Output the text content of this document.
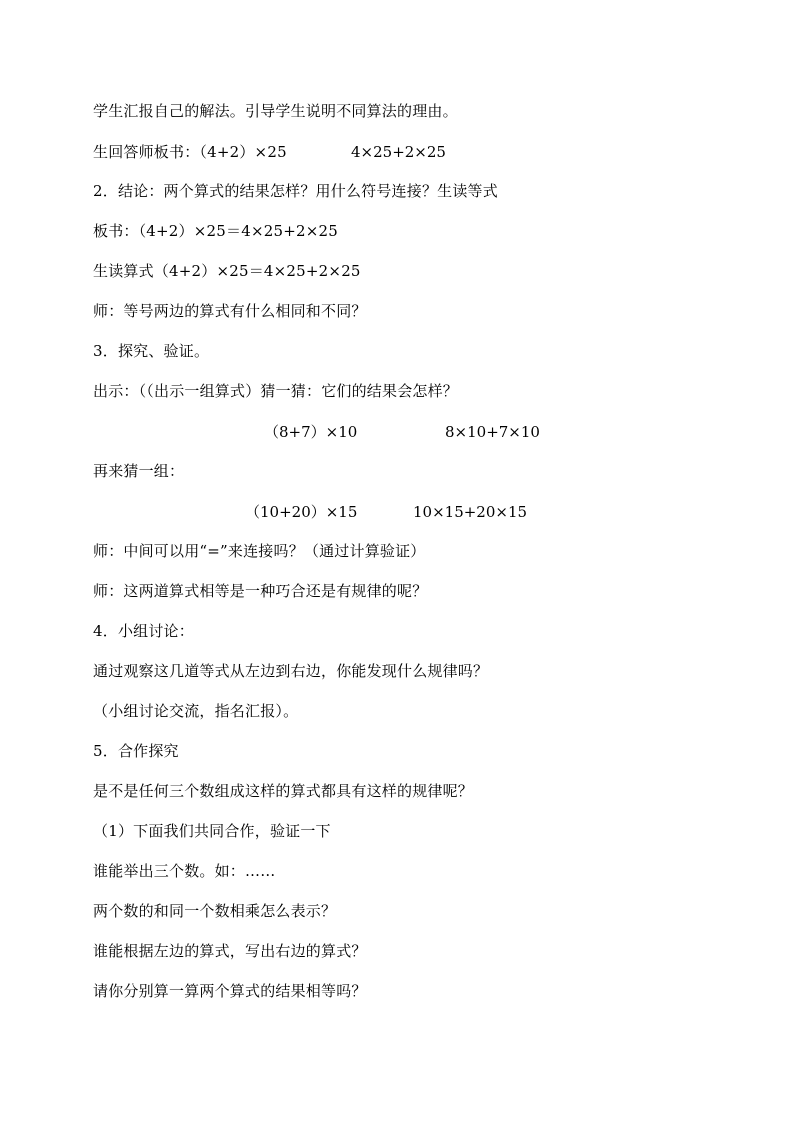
学生汇报自己的解法。引导学生说明不同算法的理由。
生回答师板书：（4+2）×25	4×25+2×25
2．结论：两个算式的结果怎样？用什么符号连接？生读等式
板书：（4+2）×25＝4×25+2×25
生读算式（4+2）×25＝4×25+2×25
师：等号两边的算式有什么相同和不同？
3．探究、验证。
出示：（（出示一组算式）猜一猜：它们的结果会怎样？
（8+7）×10	8×10+7×10
再来猜一组：
（10+20）×15	10×15+20×15
师：中间可以用“=”来连接吗？（通过计算验证）
师：这两道算式相等是一种巧合还是有规律的呢？
4．小组讨论：
通过观察这几道等式从左边到右边，你能发现什么规律吗？
（小组讨论交流，指名汇报）。
5．合作探究
是不是任何三个数组成这样的算式都具有这样的规律呢？
（1）下面我们共同合作，验证一下
谁能举出三个数。如：……
两个数的和同一个数相乘怎么表示？
谁能根据左边的算式，写出右边的算式？
请你分别算一算两个算式的结果相等吗？
